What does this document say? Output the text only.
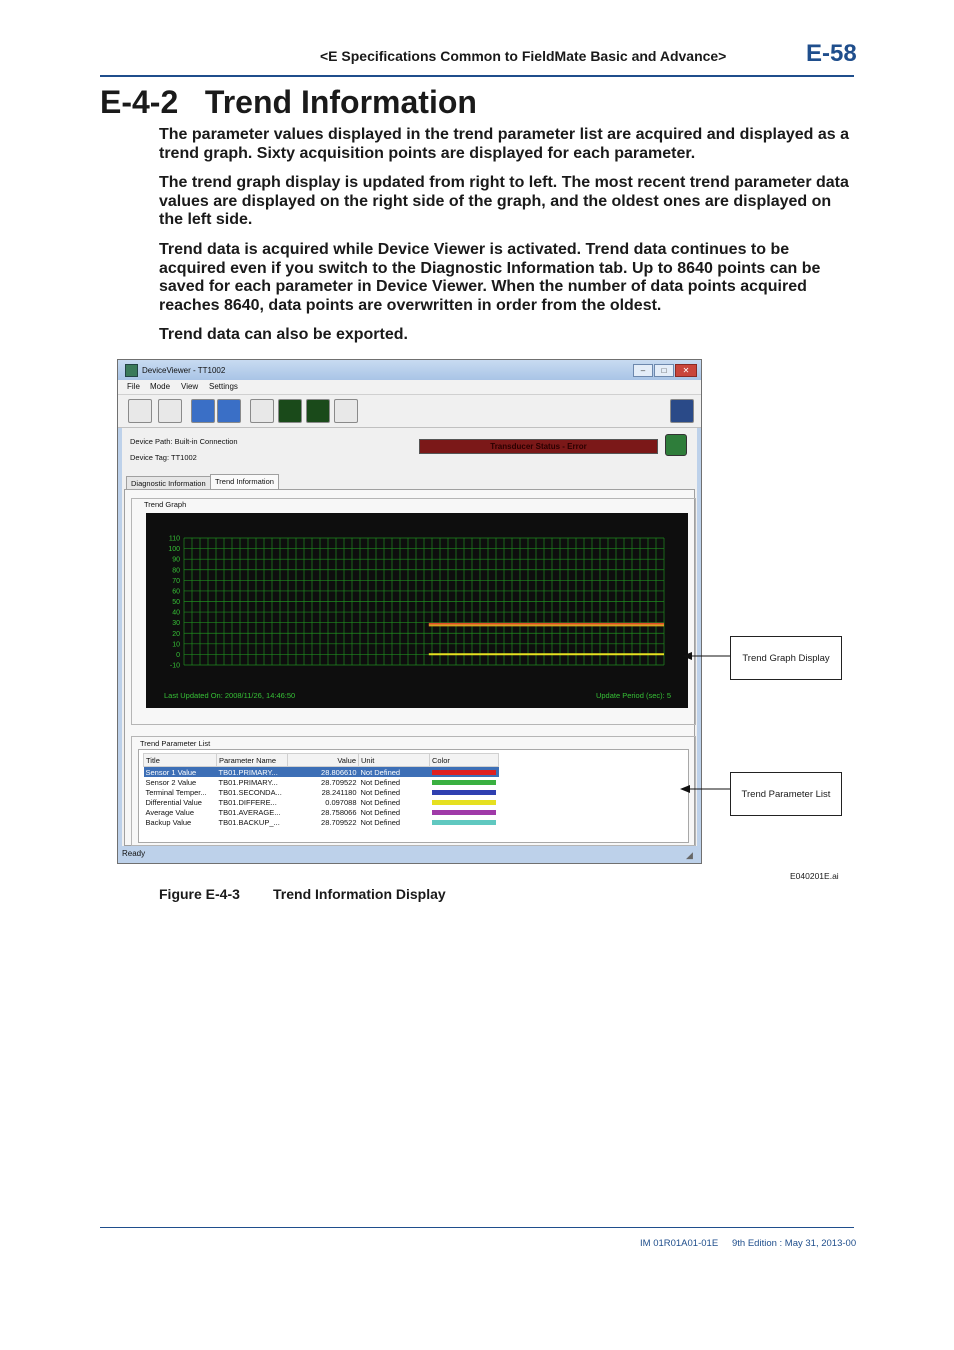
<E Specifications Common to FieldMate Basic and Advance>	E-58
E-4-2   Trend Information
The parameter values displayed in the trend parameter list are acquired and displayed as a trend graph. Sixty acquisition points are displayed for each parameter.
The trend graph display is updated from right to left. The most recent trend parameter data values are displayed on the right side of the graph, and the oldest ones are displayed on the left side.
Trend data is acquired while Device Viewer is activated. Trend data continues to be acquired even if you switch to the Diagnostic Information tab. Up to 8640 points can be saved for each parameter in Device Viewer. When the number of data points acquired reaches 8640, data points are overwritten in order from the oldest.
Trend data can also be exported.
DeviceViewer - TT1002	–	□	✕
File Mode View Settings
Device Path: Built-in Connection
Device Tag: TT1002
Transducer Status - Error
Diagnostic Information	Trend Information
Trend Graph
110
100
90
80
70
60
50
40
30
20
10
0
-10
Last Updated On: 2008/11/26, 14:46:50	Update Period (sec): 5
Trend Parameter List
Title	Parameter Name	Value	Unit	Color
Sensor 1 Value	TB01.PRIMARY...	28.806610	Not Defined	
Sensor 2 Value	TB01.PRIMARY...	28.709522	Not Defined	
Terminal Temper...	TB01.SECONDA...	28.241180	Not Defined	
Differential Value	TB01.DIFFERE...	0.097088	Not Defined	
Average Value	TB01.AVERAGE...	28.758066	Not Defined	
Backup Value	TB01.BACKUP_...	28.709522	Not Defined	
Ready	◢
Trend Graph Display
Trend Parameter List
E040201E.ai
Figure E-4-3 Trend Information Display
IM 01R01A01-01E 9th Edition : May 31, 2013-00
